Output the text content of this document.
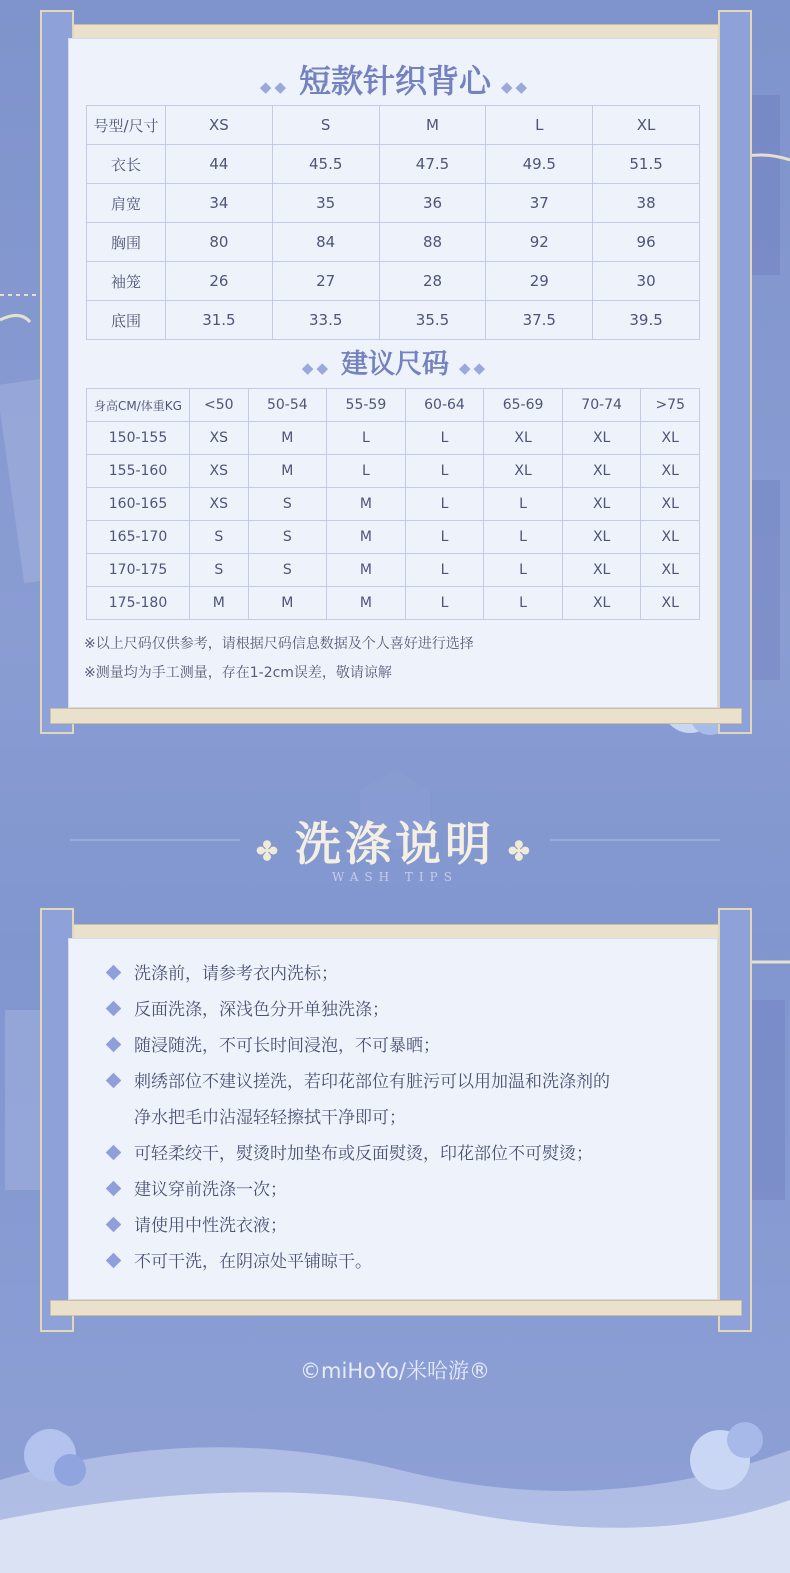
◆◆ 短款针织背心 ◆◆
号型/尺寸	XS	S	M	L	XL
衣长	44	45.5	47.5	49.5	51.5
肩宽	34	35	36	37	38
胸围	80	84	88	92	96
袖笼	26	27	28	29	30
底围	31.5	33.5	35.5	37.5	39.5
◆◆ 建议尺码 ◆◆
身高CM/体重KG	<50	50-54	55-59	60-64	65-69	70-74	>75
150-155	XS	M	L	L	XL	XL	XL
155-160	XS	M	L	L	XL	XL	XL
160-165	XS	S	M	L	L	XL	XL
165-170	S	S	M	L	L	XL	XL
170-175	S	S	M	L	L	XL	XL
175-180	M	M	M	L	L	XL	XL
※以上尺码仅供参考，请根据尺码信息数据及个人喜好进行选择
※测量均为手工测量，存在1-2cm误差，敬请谅解
✤ 洗涤说明 ✤
WASH TIPS
洗涤前，请参考衣内洗标；
反面洗涤，深浅色分开单独洗涤；
随浸随洗，不可长时间浸泡，不可暴晒；
刺绣部位不建议搓洗，若印花部位有脏污可以用加温和洗涤剂的
净水把毛巾沾湿轻轻擦拭干净即可；
可轻柔绞干，熨烫时加垫布或反面熨烫，印花部位不可熨烫；
建议穿前洗涤一次；
请使用中性洗衣液；
不可干洗，在阴凉处平铺晾干。
©miHoYo/米哈游®
